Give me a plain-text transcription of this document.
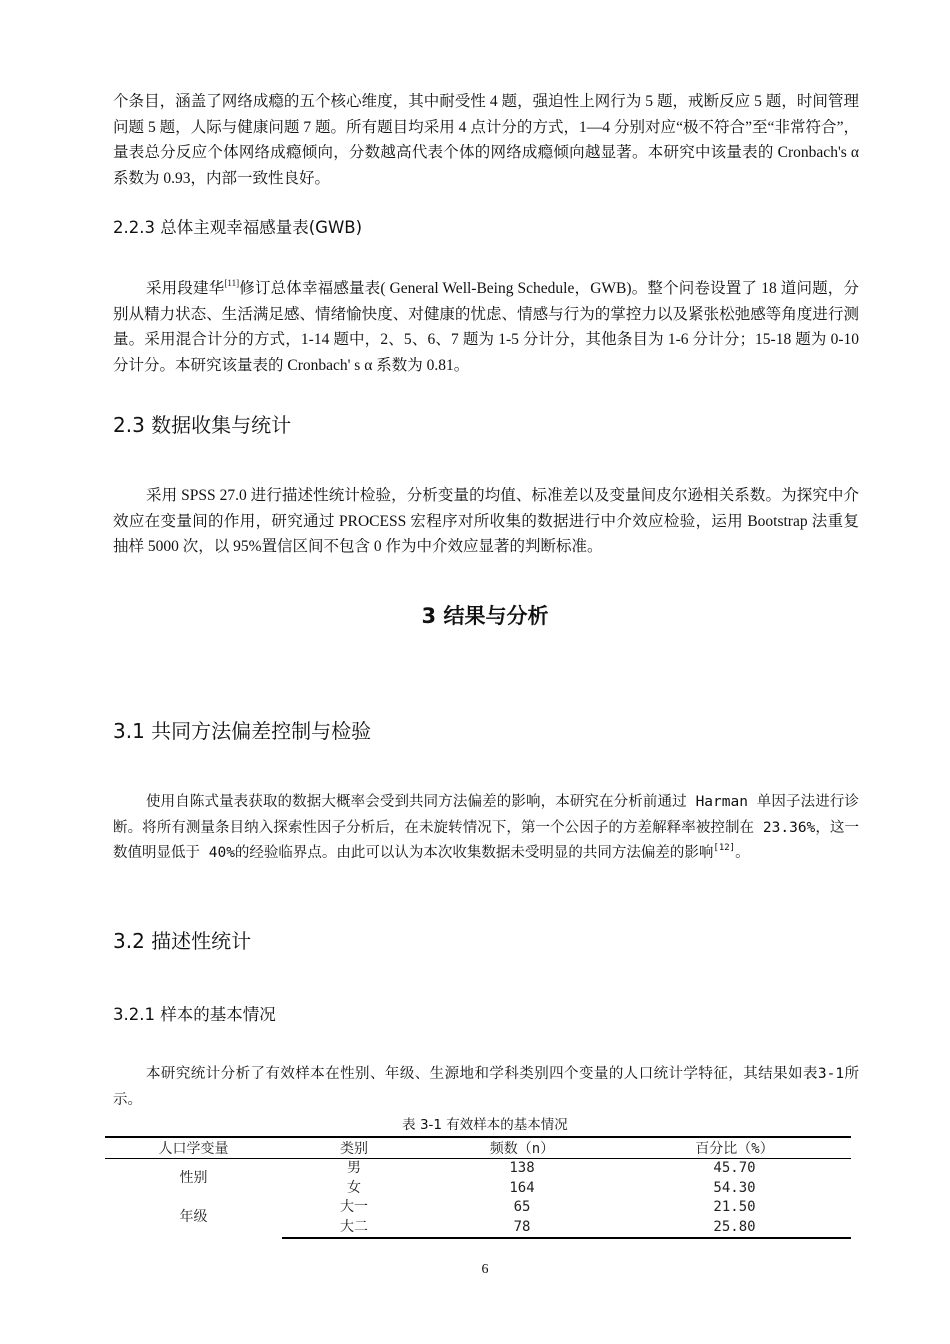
个条目，涵盖了网络成瘾的五个核心维度，其中耐受性 4 题，强迫性上网行为 5 题，戒断反应 5 题，时间管理问题 5 题，人际与健康问题 7 题。所有题目均采用 4 点计分的方式，1—4 分别对应“极不符合”至“非常符合”，量表总分反应个体网络成瘾倾向，分数越高代表个体的网络成瘾倾向越显著。本研究中该量表的 Cronbach's α 系数为 0.93，内部一致性良好。

2.2.3 总体主观幸福感量表(GWB)

采用段建华[11]修订总体幸福感量表( General Well-Being Schedule，GWB)。整个问卷设置了 18 道问题，分别从精力状态、生活满足感、情绪愉快度、对健康的忧虑、情感与行为的掌控力以及紧张松弛感等角度进行测量。采用混合计分的方式，1-14 题中，2、5、6、7 题为 1-5 分计分，其他条目为 1-6 分计分；15-18 题为 0-10 分计分。本研究该量表的 Cronbach' s α 系数为 0.81。

2.3 数据收集与统计

采用 SPSS 27.0 进行描述性统计检验，分析变量的均值、标准差以及变量间皮尔逊相关系数。为探究中介效应在变量间的作用，研究通过 PROCESS 宏程序对所收集的数据进行中介效应检验，运用 Bootstrap 法重复抽样 5000 次，以 95%置信区间不包含 0 作为中介效应显著的判断标准。

3 结果与分析
3.1 共同方法偏差控制与检验

使用自陈式量表获取的数据大概率会受到共同方法偏差的影响，本研究在分析前通过 Harman 单因子法进行诊断。将所有测量条目纳入探索性因子分析后，在未旋转情况下，第一个公因子的方差解释率被控制在 23.36%，这一数值明显低于 40%的经验临界点。由此可以认为本次收集数据未受明显的共同方法偏差的影响[12]。

3.2 描述性统计
3.2.1 样本的基本情况

本研究统计分析了有效样本在性别、年级、生源地和学科类别四个变量的人口统计学特征，其结果如表3-1所示。

表 3-1 有效样本的基本情况

人口学变量	类别	频数（n）	百分比（%）
性别	男	138	45.70
	女	164	54.30
年级	大一	65	21.50
	大二	78	25.80
6
